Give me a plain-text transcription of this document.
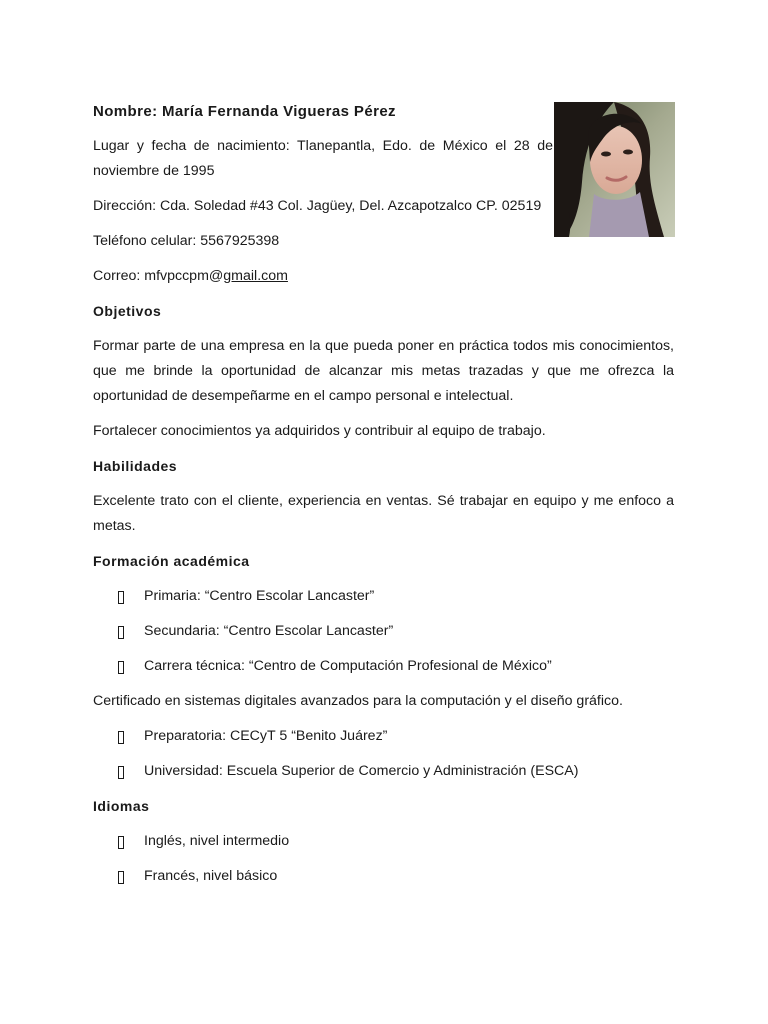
Nombre: María Fernanda Vigueras Pérez

Lugar y fecha de nacimiento: Tlanepantla, Edo. de México el 28 de noviembre de 1995

Dirección: Cda. Soledad #43 Col. Jagüey, Del. Azcapotzalco CP. 02519

Teléfono celular: 5567925398

Correo: mfvpccpm@gmail.com

Objetivos

Formar parte de una empresa en la que pueda poner en práctica todos mis conocimientos, que me brinde la oportunidad de alcanzar mis metas trazadas y que me ofrezca la oportunidad de desempeñarme en el campo personal e intelectual.

Fortalecer conocimientos ya adquiridos y contribuir al equipo de trabajo.

Habilidades

Excelente trato con el cliente, experiencia en ventas. Sé trabajar en equipo y me enfoco a metas.

Formación académica

Primaria: “Centro Escolar Lancaster”
Secundaria: “Centro Escolar Lancaster”
Carrera técnica: “Centro de Computación Profesional de México”

Certificado en sistemas digitales avanzados para la computación y el diseño gráfico.

Preparatoria: CECyT 5 “Benito Juárez”
Universidad: Escuela Superior de Comercio y Administración (ESCA)

Idiomas

Inglés, nivel intermedio
Francés, nivel básico
